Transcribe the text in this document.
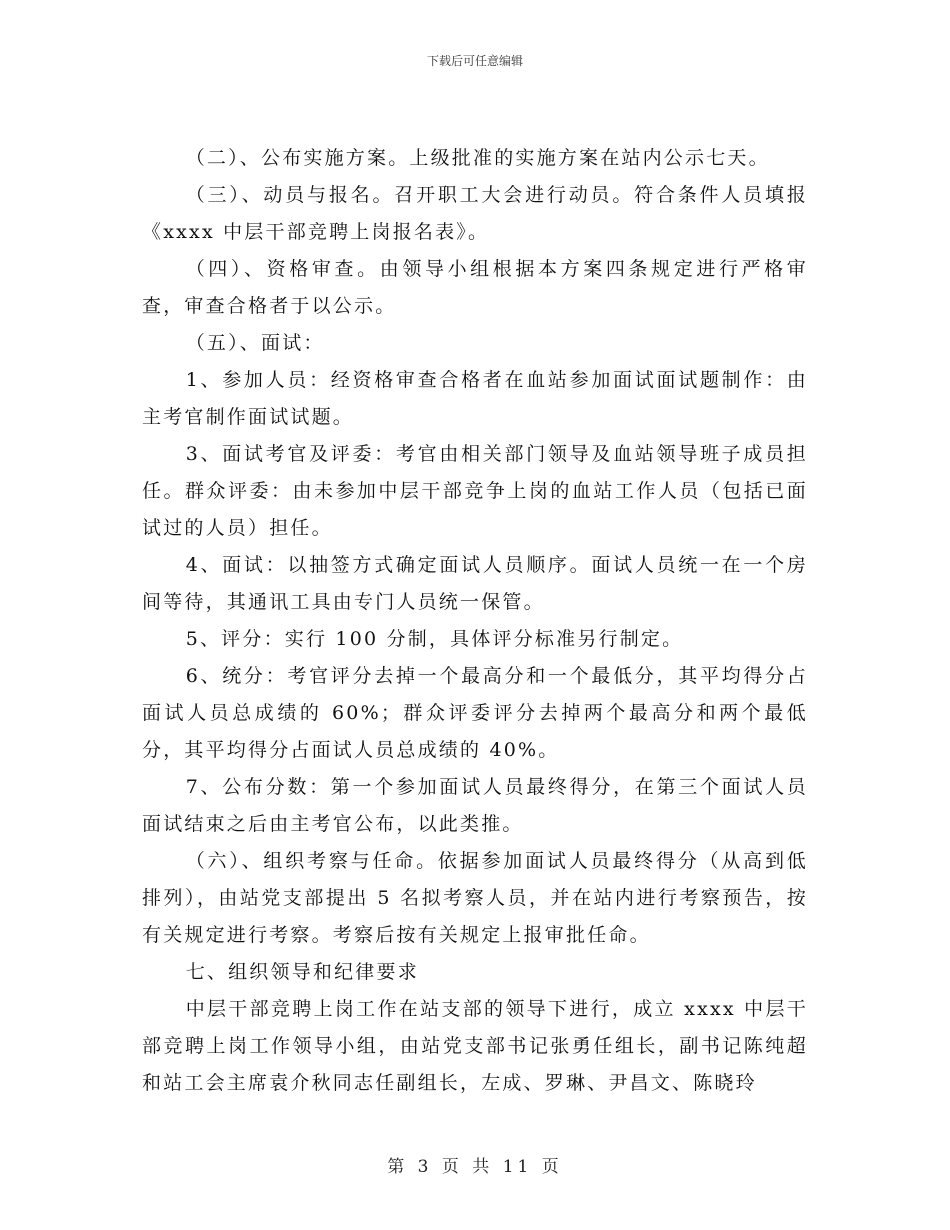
下载后可任意编辑

（二）、公布实施方案。上级批准的实施方案在站内公示七天。

（三）、动员与报名。召开职工大会进行动员。符合条件人员填报《xxxx 中层干部竞聘上岗报名表》。

（四）、资格审查。由领导小组根据本方案四条规定进行严格审查，审查合格者于以公示。

（五）、面试：

1、参加人员：经资格审查合格者在血站参加面试面试题制作：由主考官制作面试试题。

3、面试考官及评委：考官由相关部门领导及血站领导班子成员担任。群众评委：由未参加中层干部竞争上岗的血站工作人员（包括已面试过的人员）担任。

4、面试：以抽签方式确定面试人员顺序。面试人员统一在一个房间等待，其通讯工具由专门人员统一保管。

5、评分：实行 100 分制，具体评分标准另行制定。

6、统分：考官评分去掉一个最高分和一个最低分，其平均得分占面试人员总成绩的 60%；群众评委评分去掉两个最高分和两个最低分，其平均得分占面试人员总成绩的 40%。

7、公布分数：第一个参加面试人员最终得分，在第三个面试人员面试结束之后由主考官公布，以此类推。

（六）、组织考察与任命。依据参加面试人员最终得分（从高到低排列），由站党支部提出 5 名拟考察人员，并在站内进行考察预告，按有关规定进行考察。考察后按有关规定上报审批任命。

七、组织领导和纪律要求

中层干部竞聘上岗工作在站支部的领导下进行，成立 xxxx 中层干部竞聘上岗工作领导小组，由站党支部书记张勇任组长，副书记陈纯超和站工会主席袁介秋同志任副组长，左成、罗琳、尹昌文、陈晓玲

第 3 页 共 11 页
